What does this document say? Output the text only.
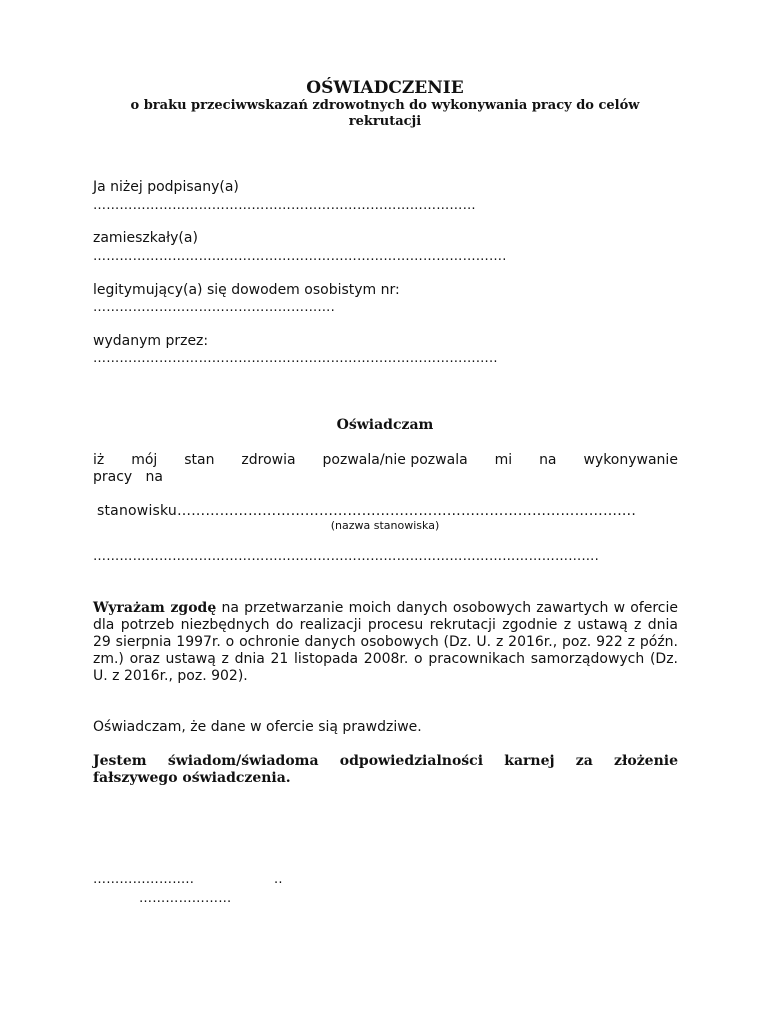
OŚWIADCZENIE
o braku przeciwwskazań zdrowotnych do wykonywania pracy do celów rekrutacji
Ja niżej podpisany(a)
……………………………………………………………………………
zamieszkały(a)
………………………………………………………………………………….
legitymujący(a) się dowodem osobistym nr:
……………………………………………….
wydanym przez:
………………………………………………………………………………..
Oświadczam
iż mój stan zdrowia pozwala/nie pozwala mi na wykonywanie
pracy   na
stanowisku…………………………………………………………………………………….
(nazwa stanowiska)
…………………………………………………………………………………………………….
Wyrażam zgodę na przetwarzanie moich danych osobowych zawartych w ofercie dla potrzeb niezbędnych do realizacji procesu rekrutacji zgodnie z ustawą z dnia 29 sierpnia 1997r. o ochronie danych osobowych (Dz. U. z 2016r., poz. 922 z późn. zm.) oraz ustawą z dnia 21 listopada 2008r. o pracownikach samorządowych (Dz. U. z 2016r., poz. 902).
Oświadczam, że dane w ofercie sią prawdziwe.
Jestem świadom/świadoma odpowiedzialności karnej za złożenie fałszywego oświadczenia.
…………………..	..
…………………
